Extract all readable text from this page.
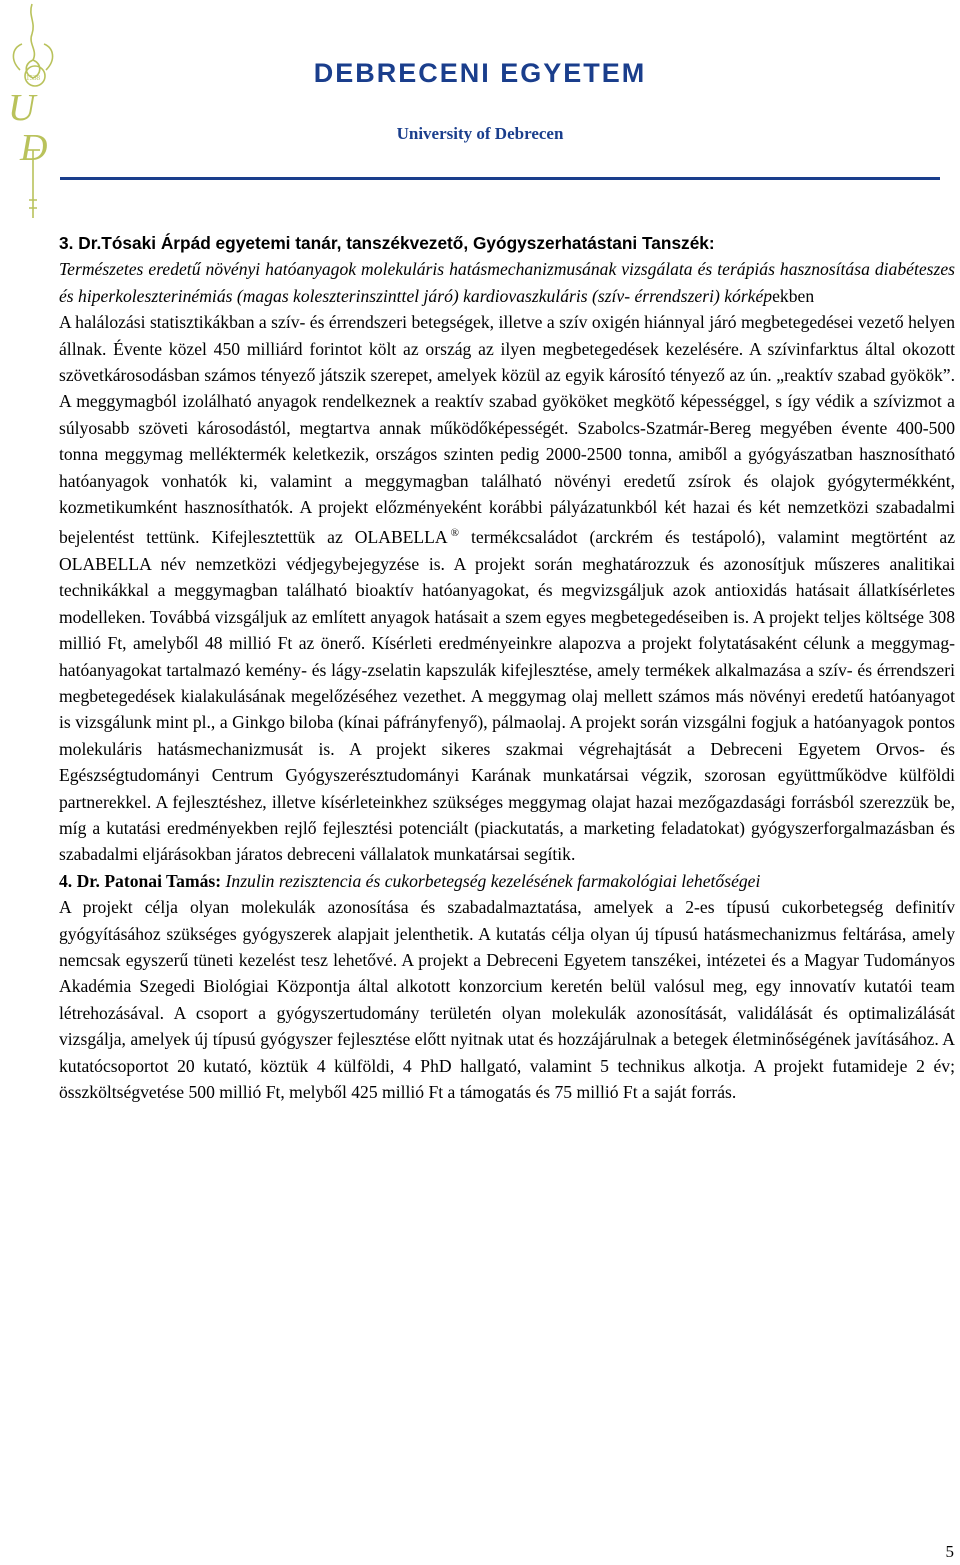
1538
U
D
DEBRECENI EGYETEM
University of Debrecen

3. Dr.Tósaki Árpád egyetemi tanár, tanszékvezető, Gyógyszerhatástani Tanszék:

Természetes eredetű növényi hatóanyagok molekuláris hatásmechanizmusának vizsgálata és terápiás hasznosítása diabéteszes és hiperkoleszterinémiás (magas koleszterinszinttel járó) kardiovaszkuláris (szív- érrendszeri) kórképekben

A halálozási statisztikákban a szív- és érrendszeri betegségek, illetve a szív oxigén hiánnyal járó megbetegedései vezető helyen állnak. Évente közel 450 milliárd forintot költ az ország az ilyen megbetegedések kezelésére. A szívinfarktus által okozott szövetkárosodásban számos tényező játszik szerepet, amelyek közül az egyik károsító tényező az ún. „reaktív szabad gyökök”. A meggymagból izolálható anyagok rendelkeznek a reaktív szabad gyököket megkötő képességgel, s így védik a szívizmot a súlyosabb szöveti károsodástól, megtartva annak működőképességét. Szabolcs-Szatmár-Bereg megyében évente 400-500 tonna meggymag melléktermék keletkezik, országos szinten pedig 2000-2500 tonna, amiből a gyógyászatban hasznosítható hatóanyagok vonhatók ki, valamint a meggymagban található növényi eredetű zsírok és olajok gyógytermékként, kozmetikumként hasznosíthatók. A projekt előzményeként korábbi pályázatunkból két hazai és két nemzetközi szabadalmi bejelentést tettünk. Kifejlesztettük az OLABELLA ® termékcsaládot (arckrém és testápoló), valamint megtörtént az OLABELLA név nemzetközi védjegybejegyzése is. A projekt során meghatározzuk és azonosítjuk műszeres analitikai technikákkal a meggymagban található bioaktív hatóanyagokat, és megvizsgáljuk azok antioxidás hatásait állatkísérletes modelleken. Továbbá vizsgáljuk az említett anyagok hatásait a szem egyes megbetegedéseiben is. A projekt teljes költsége 308 millió Ft, amelyből 48 millió Ft az önerő. Kísérleti eredményeinkre alapozva a projekt folytatásaként célunk a meggymag-hatóanyagokat tartalmazó kemény- és lágy-zselatin kapszulák kifejlesztése, amely termékek alkalmazása a szív- és érrendszeri megbetegedések kialakulásának megelőzéséhez vezethet. A meggymag olaj mellett számos más növényi eredetű hatóanyagot is vizsgálunk mint pl., a Ginkgo biloba (kínai páfrányfenyő), pálmaolaj. A projekt során vizsgálni fogjuk a hatóanyagok pontos molekuláris hatásmechanizmusát is. A projekt sikeres szakmai végrehajtását a Debreceni Egyetem Orvos- és Egészségtudományi Centrum Gyógyszerésztudományi Karának munkatársai végzik, szorosan együttműködve külföldi partnerekkel. A fejlesztéshez, illetve kísérleteinkhez szükséges meggymag olajat hazai mezőgazdasági forrásból szerezzük be, míg a kutatási eredményekben rejlő fejlesztési potenciált (piackutatás, a marketing feladatokat) gyógyszerforgalmazásban és szabadalmi eljárásokban járatos debreceni vállalatok munkatársai segítik.

4. Dr. Patonai Tamás: Inzulin rezisztencia és cukorbetegség kezelésének farmakológiai lehetőségei

A projekt célja olyan molekulák azonosítása és szabadalmaztatása, amelyek a 2-es típusú cukorbetegség definitív gyógyításához szükséges gyógyszerek alapjait jelenthetik. A kutatás célja olyan új típusú hatásmechanizmus feltárása, amely nemcsak egyszerű tüneti kezelést tesz lehetővé. A projekt a Debreceni Egyetem tanszékei, intézetei és a Magyar Tudományos Akadémia Szegedi Biológiai Központja által alkotott konzorcium keretén belül valósul meg, egy innovatív kutatói team létrehozásával. A csoport a gyógyszertudomány területén olyan molekulák azonosítását, validálását és optimalizálását vizsgálja, amelyek új típusú gyógyszer fejlesztése előtt nyitnak utat és hozzájárulnak a betegek életminőségének javításához. A kutatócsoportot 20 kutató, köztük 4 külföldi, 4 PhD hallgató, valamint 5 technikus alkotja. A projekt futamideje 2 év; összköltségvetése 500 millió Ft, melyből 425 millió Ft a támogatás és 75 millió Ft a saját forrás.

5
